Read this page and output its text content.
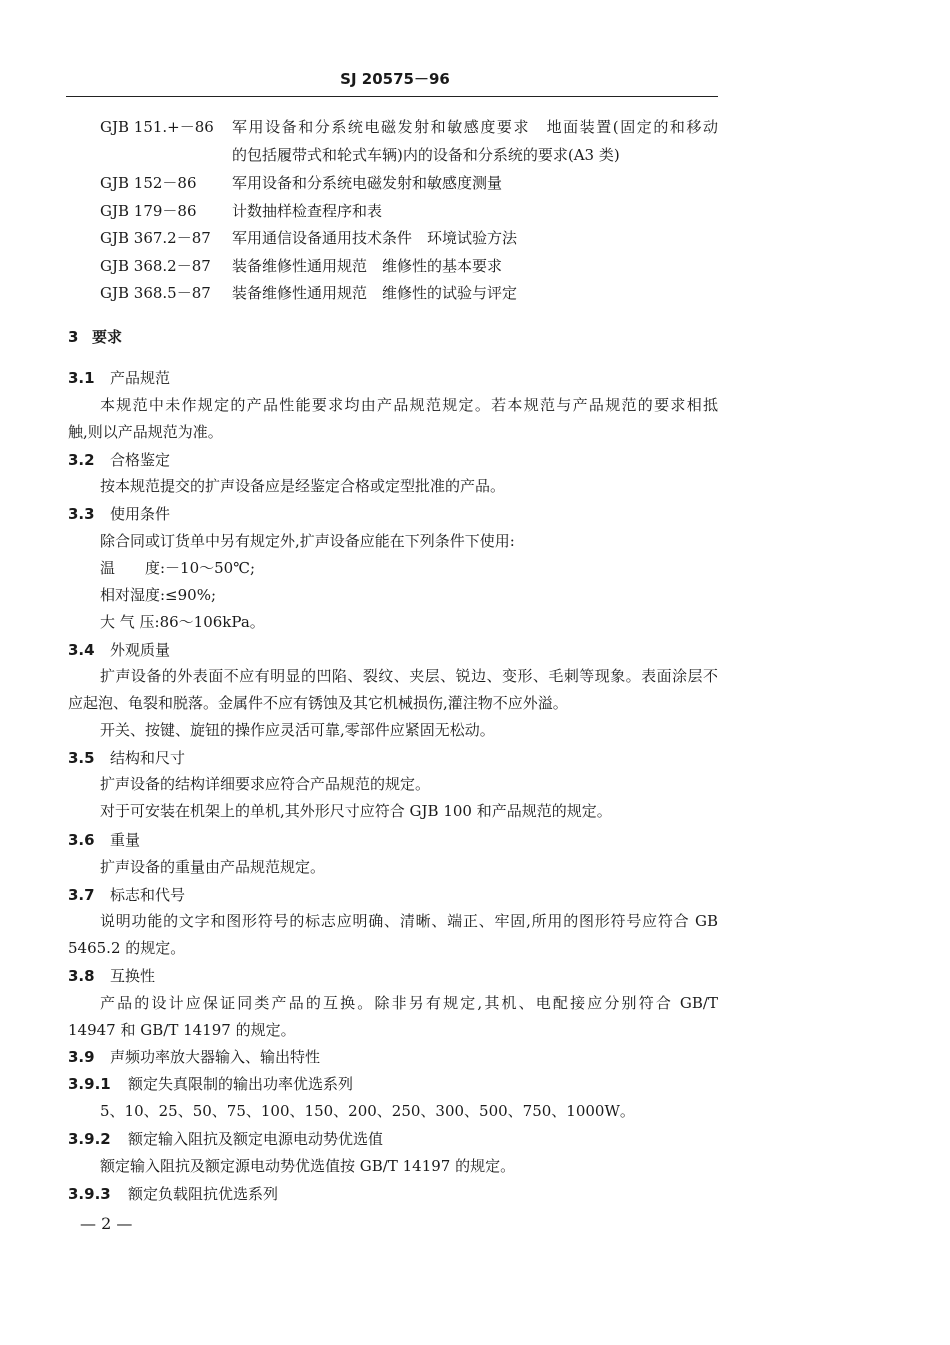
SJ 20575－96
GJB 151.+－86 军用设备和分系统电磁发射和敏感度要求　地面装置(固定的和移动
的包括履带式和轮式车辆)内的设备和分系统的要求(A3 类)
GJB 152－86 军用设备和分系统电磁发射和敏感度测量
GJB 179－86 计数抽样检查程序和表
GJB 367.2－87 军用通信设备通用技术条件　环境试验方法
GJB 368.2－87 装备维修性通用规范　维修性的基本要求
GJB 368.5－87 装备维修性通用规范　维修性的试验与评定
3 要求
3.1 产品规范
本规范中未作规定的产品性能要求均由产品规范规定。若本规范与产品规范的要求相抵
触,则以产品规范为准。
3.2 合格鉴定
按本规范提交的扩声设备应是经鉴定合格或定型批准的产品。
3.3 使用条件
除合同或订货单中另有规定外,扩声设备应能在下列条件下使用:
温　　度:－10～50℃;
相对湿度:≤90%;
大 气 压:86～106kPa。
3.4 外观质量
扩声设备的外表面不应有明显的凹陷、裂纹、夹层、锐边、变形、毛刺等现象。表面涂层不
应起泡、龟裂和脱落。金属件不应有锈蚀及其它机械损伤,灌注物不应外溢。
开关、按键、旋钮的操作应灵活可靠,零部件应紧固无松动。
3.5 结构和尺寸
扩声设备的结构详细要求应符合产品规范的规定。
对于可安装在机架上的单机,其外形尺寸应符合 GJB 100 和产品规范的规定。
3.6 重量
扩声设备的重量由产品规范规定。
3.7 标志和代号
说明功能的文字和图形符号的标志应明确、清晰、端正、牢固,所用的图形符号应符合 GB
5465.2 的规定。
3.8 互换性
产品的设计应保证同类产品的互换。除非另有规定,其机、电配接应分别符合 GB/T
14947 和 GB/T 14197 的规定。
3.9 声频功率放大器输入、输出特性
3.9.1 额定失真限制的输出功率优选系列
5、10、25、50、75、100、150、200、250、300、500、750、1000W。
3.9.2 额定输入阻抗及额定电源电动势优选值
额定输入阻抗及额定源电动势优选值按 GB/T 14197 的规定。
3.9.3 额定负载阻抗优选系列
— 2 —
